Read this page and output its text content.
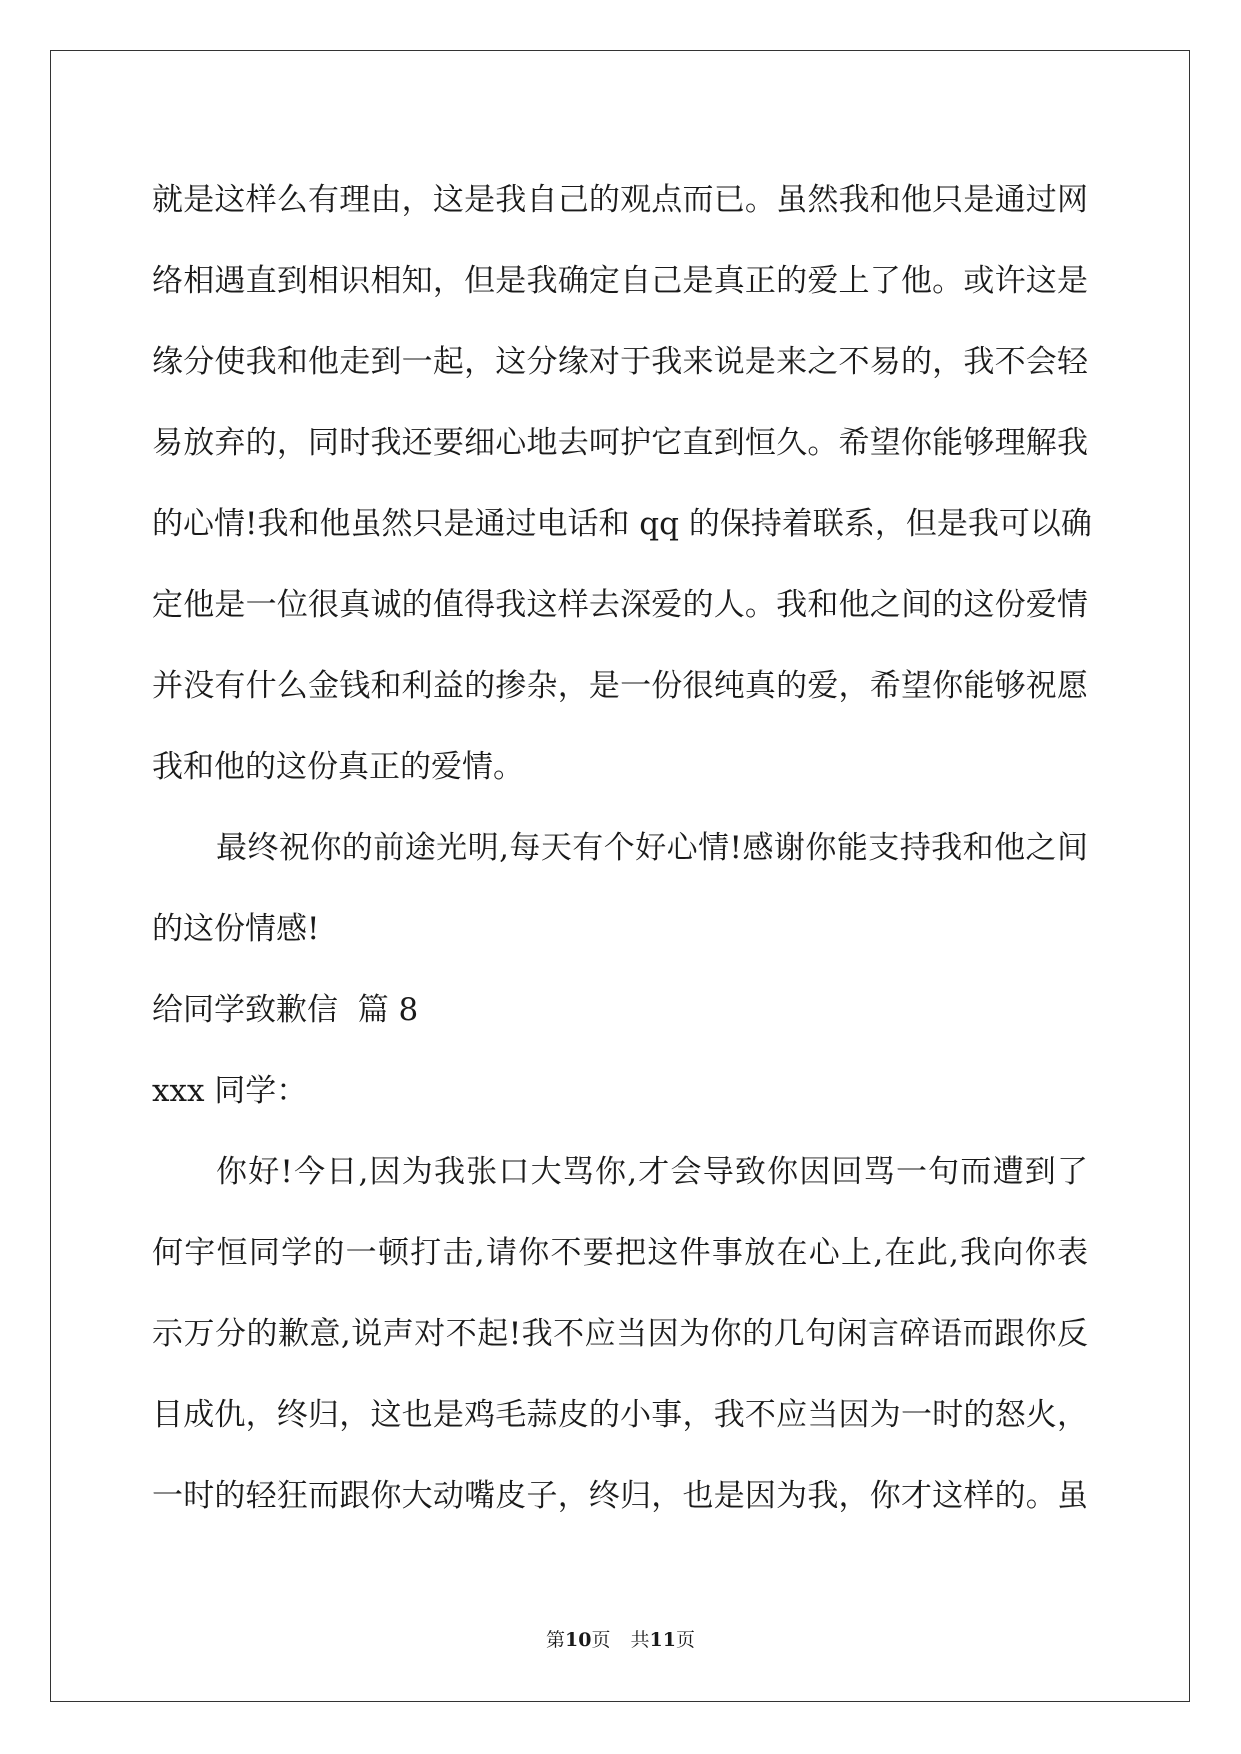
就是这样么有理由，这是我自己的观点而已。虽然我和他只是通过网
络相遇直到相识相知，但是我确定自己是真正的爱上了他。或许这是
缘分使我和他走到一起，这分缘对于我来说是来之不易的，我不会轻
易放弃的，同时我还要细心地去呵护它直到恒久。希望你能够理解我
的心情!我和他虽然只是通过电话和 qq 的保持着联系，但是我可以确
定他是一位很真诚的值得我这样去深爱的人。我和他之间的这份爱情
并没有什么金钱和利益的掺杂，是一份很纯真的爱，希望你能够祝愿
我和他的这份真正的爱情。
最终祝你的前途光明,每天有个好心情!感谢你能支持我和他之间
的这份情感!
给同学致歉信  篇 8
xxx 同学：
你好!今日,因为我张口大骂你,才会导致你因回骂一句而遭到了
何宇恒同学的一顿打击,请你不要把这件事放在心上,在此,我向你表
示万分的歉意,说声对不起!我不应当因为你的几句闲言碎语而跟你反
目成仇，终归，这也是鸡毛蒜皮的小事，我不应当因为一时的怒火，
一时的轻狂而跟你大动嘴皮子，终归，也是因为我，你才这样的。虽
第10页 共11页
